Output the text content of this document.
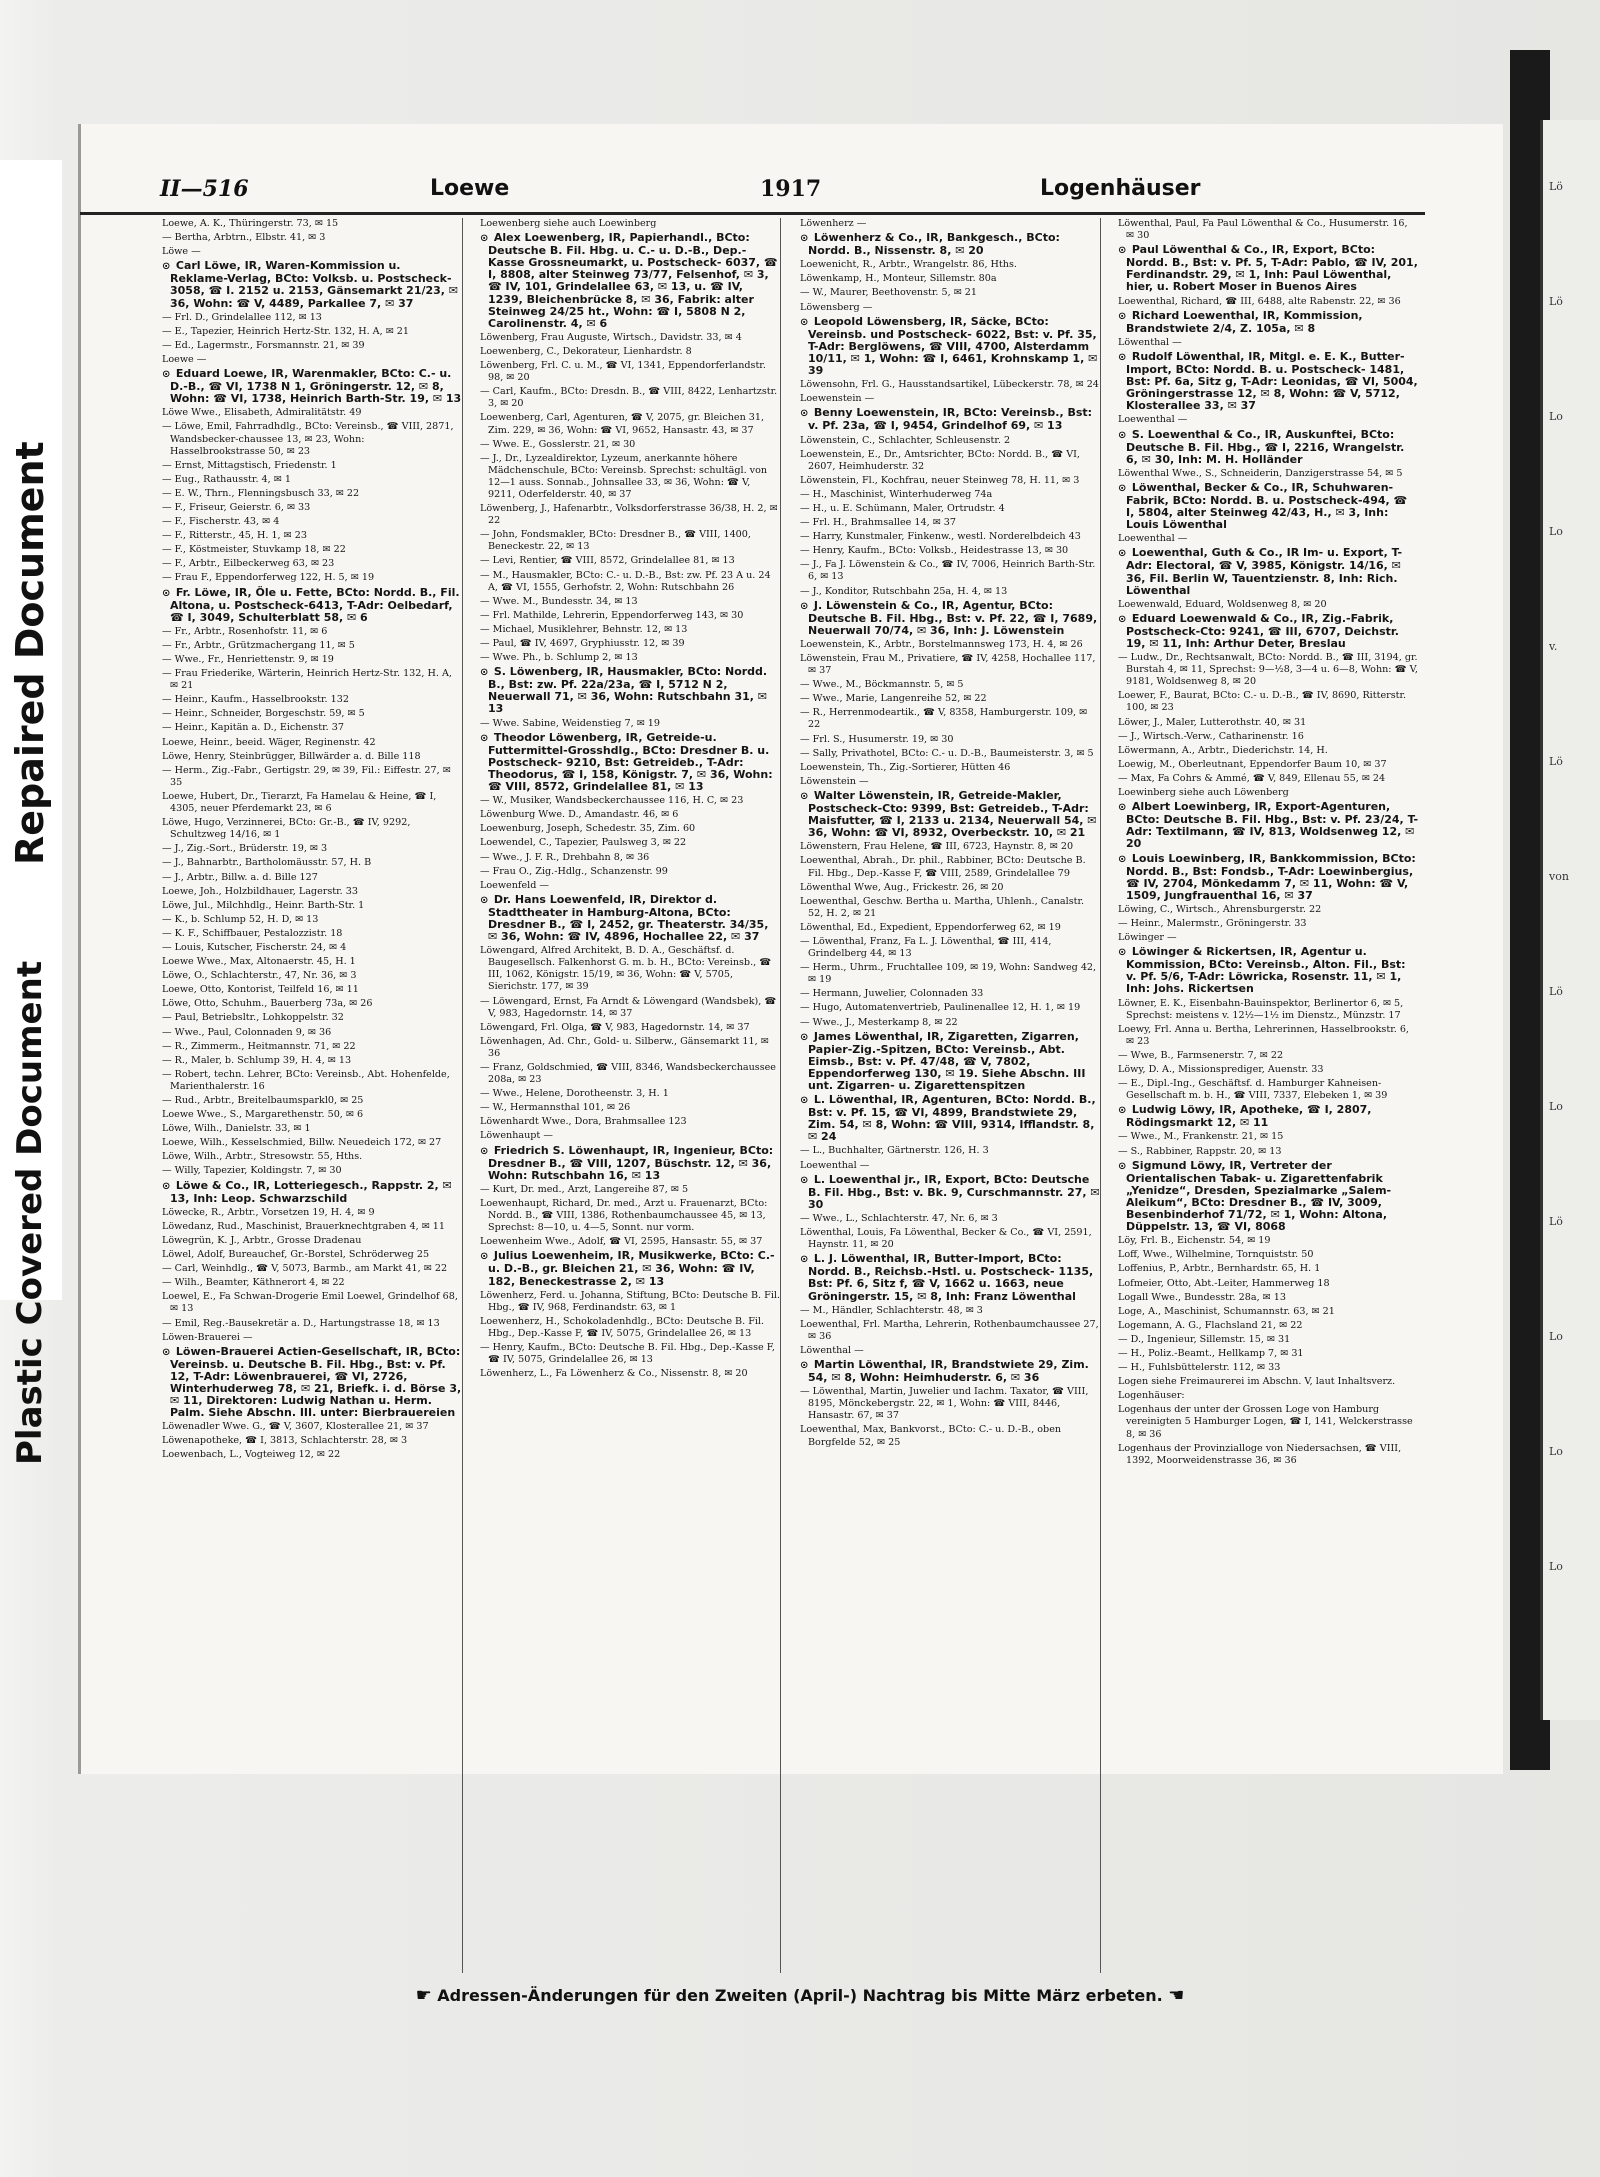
Lö
Lö
Lo
Lo
v.
Lö
von
Lö
Lo
Lö
Lo
Lo
Lo
Repaired Document
Plastic Covered Document
II—516	Loewe	1917	Logenhäuser
Loewe, A. K., Thüringerstr. 73, ✉ 15
— Bertha, Arbtrn., Elbstr. 41, ✉ 3
Löwe —
⊙ Carl Löwe, IR, Waren-Kommission u. Reklame-Verlag, BCto: Volksb. u. Postscheck- 3058, ☎ I. 2152 u. 2153, Gänsemarkt 21/23, ✉ 36, Wohn: ☎ V, 4489, Parkallee 7, ✉ 37
— Frl. D., Grindelallee 112, ✉ 13
— E., Tapezier, Heinrich Hertz-Str. 132, H. A, ✉ 21
— Ed., Lagermstr., Forsmannstr. 21, ✉ 39
Loewe —
⊙ Eduard Loewe, IR, Warenmakler, BCto: C.- u. D.-B., ☎ VI, 1738 N 1, Gröningerstr. 12, ✉ 8, Wohn: ☎ VI, 1738, Heinrich Barth-Str. 19, ✉ 13
Löwe Wwe., Elisabeth, Admiralitätstr. 49
— Löwe, Emil, Fahrradhdlg., BCto: Vereinsb., ☎ VIII, 2871, Wandsbecker-chaussee 13, ✉ 23, Wohn: Hasselbrookstrasse 50, ✉ 23
— Ernst, Mittagstisch, Friedenstr. 1
— Eug., Rathausstr. 4, ✉ 1
— E. W., Thrn., Flenningsbusch 33, ✉ 22
— F., Friseur, Geierstr. 6, ✉ 33
— F., Fischerstr. 43, ✉ 4
— F., Ritterstr., 45, H. 1, ✉ 23
— F., Köstmeister, Stuvkamp 18, ✉ 22
— F., Arbtr., Eilbeckerweg 63, ✉ 23
— Frau F., Eppendorferweg 122, H. 5, ✉ 19
⊙ Fr. Löwe, IR, Öle u. Fette, BCto: Nordd. B., Fil. Altona, u. Postscheck-6413, T-Adr: Oelbedarf, ☎ I, 3049, Schulterblatt 58, ✉ 6
— Fr., Arbtr., Rosenhofstr. 11, ✉ 6
— Fr., Arbtr., Grützmachergang 11, ✉ 5
— Wwe., Fr., Henriettenstr. 9, ✉ 19
— Frau Friederike, Wärterin, Heinrich Hertz-Str. 132, H. A, ✉ 21
— Heinr., Kaufm., Hasselbrookstr. 132
— Heinr., Schneider, Borgeschstr. 59, ✉ 5
— Heinr., Kapitän a. D., Eichenstr. 37
Loewe, Heinr., beeid. Wäger, Reginenstr. 42
Löwe, Henry, Steinbrügger, Billwärder a. d. Bille 118
— Herm., Zig.-Fabr., Gertigstr. 29, ✉ 39, Fil.: Eiffestr. 27, ✉ 35
Loewe, Hubert, Dr., Tierarzt, Fa Hamelau & Heine, ☎ I, 4305, neuer Pferdemarkt 23, ✉ 6
Löwe, Hugo, Verzinnerei, BCto: Gr.-B., ☎ IV, 9292, Schultzweg 14/16, ✉ 1
— J., Zig.-Sort., Brüderstr. 19, ✉ 3
— J., Bahnarbtr., Bartholomäusstr. 57, H. B
— J., Arbtr., Billw. a. d. Bille 127
Loewe, Joh., Holzbildhauer, Lagerstr. 33
Löwe, Jul., Milchhdlg., Heinr. Barth-Str. 1
— K., b. Schlump 52, H. D, ✉ 13
— K. F., Schiffbauer, Pestalozzistr. 18
— Louis, Kutscher, Fischerstr. 24, ✉ 4
Loewe Wwe., Max, Altonaerstr. 45, H. 1
Löwe, O., Schlachterstr., 47, Nr. 36, ✉ 3
Loewe, Otto, Kontorist, Teilfeld 16, ✉ 11
Löwe, Otto, Schuhm., Bauerberg 73a, ✉ 26
— Paul, Betriebsltr., Lohkoppelstr. 32
— Wwe., Paul, Colonnaden 9, ✉ 36
— R., Zimmerm., Heitmannstr. 71, ✉ 22
— R., Maler, b. Schlump 39, H. 4, ✉ 13
— Robert, techn. Lehrer, BCto: Vereinsb., Abt. Hohenfelde, Marienthalerstr. 16
— Rud., Arbtr., Breitelbaumsparkl0, ✉ 25
Loewe Wwe., S., Margarethenstr. 50, ✉ 6
Löwe, Wilh., Danielstr. 33, ✉ 1
Loewe, Wilh., Kesselschmied, Billw. Neuedeich 172, ✉ 27
Löwe, Wilh., Arbtr., Stresowstr. 55, Hths.
— Willy, Tapezier, Koldingstr. 7, ✉ 30
⊙ Löwe & Co., IR, Lotteriegesch., Rappstr. 2, ✉ 13, Inh: Leop. Schwarzschild
Löwecke, R., Arbtr., Vorsetzen 19, H. 4, ✉ 9
Löwedanz, Rud., Maschinist, Brauerknechtgraben 4, ✉ 11
Löwegrün, K. J., Arbtr., Grosse Dradenau
Löwel, Adolf, Bureauchef, Gr.-Borstel, Schröderweg 25
— Carl, Weinhdlg., ☎ V, 5073, Barmb., am Markt 41, ✉ 22
— Wilh., Beamter, Käthnerort 4, ✉ 22
Loewel, E., Fa Schwan-Drogerie Emil Loewel, Grindelhof 68, ✉ 13
— Emil, Reg.-Bausekretär a. D., Hartungstrasse 18, ✉ 13
Löwen-Brauerei —
⊙ Löwen-Brauerei Actien-Gesellschaft, IR, BCto: Vereinsb. u. Deutsche B. Fil. Hbg., Bst: v. Pf. 12, T-Adr: Löwenbrauerei, ☎ VI, 2726, Winterhuderweg 78, ✉ 21, Briefk. i. d. Börse 3, ✉ 11, Direktoren: Ludwig Nathan u. Herm. Palm. Siehe Abschn. III. unter: Bierbrauereien
Löwenadler Wwe. G., ☎ V, 3607, Klosterallee 21, ✉ 37
Löwenapotheke, ☎ I, 3813, Schlachterstr. 28, ✉ 3
Loewenbach, L., Vogteiweg 12, ✉ 22
Loewenberg siehe auch Loewinberg
⊙ Alex Loewenberg, IR, Papierhandl., BCto: Deutsche B. Fil. Hbg. u. C.- u. D.-B., Dep.-Kasse Grossneumarkt, u. Postscheck- 6037, ☎ I, 8808, alter Steinweg 73/77, Felsenhof, ✉ 3, ☎ IV, 101, Grindelallee 63, ✉ 13, u. ☎ IV, 1239, Bleichenbrücke 8, ✉ 36, Fabrik: alter Steinweg 24/25 ht., Wohn: ☎ I, 5808 N 2, Carolinenstr. 4, ✉ 6
Löwenberg, Frau Auguste, Wirtsch., Davidstr. 33, ✉ 4
Loewenberg, C., Dekorateur, Lienhardstr. 8
Löwenberg, Frl. C. u. M., ☎ VI, 1341, Eppendorferlandstr. 98, ✉ 20
— Carl, Kaufm., BCto: Dresdn. B., ☎ VIII, 8422, Lenhartzstr. 3, ✉ 20
Loewenberg, Carl, Agenturen, ☎ V, 2075, gr. Bleichen 31, Zim. 229, ✉ 36, Wohn: ☎ VI, 9652, Hansastr. 43, ✉ 37
— Wwe. E., Gosslerstr. 21, ✉ 30
— J., Dr., Lyzealdirektor, Lyzeum, anerkannte höhere Mädchenschule, BCto: Vereinsb. Sprechst: schultägl. von 12—1 auss. Sonnab., Johnsallee 33, ✉ 36, Wohn: ☎ V, 9211, Oderfelderstr. 40, ✉ 37
Löwenberg, J., Hafenarbtr., Volksdorferstrasse 36/38, H. 2, ✉ 22
— John, Fondsmakler, BCto: Dresdner B., ☎ VIII, 1400, Beneckestr. 22, ✉ 13
— Levi, Rentier, ☎ VIII, 8572, Grindelallee 81, ✉ 13
— M., Hausmakler, BCto: C.- u. D.-B., Bst: zw. Pf. 23 A u. 24 A, ☎ VI, 1555, Gerhofstr. 2, Wohn: Rutschbahn 26
— Wwe. M., Bundesstr. 34, ✉ 13
— Frl. Mathilde, Lehrerin, Eppendorferweg 143, ✉ 30
— Michael, Musiklehrer, Behnstr. 12, ✉ 13
— Paul, ☎ IV, 4697, Gryphiusstr. 12, ✉ 39
— Wwe. Ph., b. Schlump 2, ✉ 13
⊙ S. Löwenberg, IR, Hausmakler, BCto: Nordd. B., Bst: zw. Pf. 22a/23a, ☎ I, 5712 N 2, Neuerwall 71, ✉ 36, Wohn: Rutschbahn 31, ✉ 13
— Wwe. Sabine, Weidenstieg 7, ✉ 19
⊙ Theodor Löwenberg, IR, Getreide-u. Futtermittel-Grosshdlg., BCto: Dresdner B. u. Postscheck- 9210, Bst: Getreideb., T-Adr: Theodorus, ☎ I, 158, Königstr. 7, ✉ 36, Wohn: ☎ VIII, 8572, Grindelallee 81, ✉ 13
— W., Musiker, Wandsbeckerchaussee 116, H. C, ✉ 23
Löwenburg Wwe. D., Amandastr. 46, ✉ 6
Loewenburg, Joseph, Schedestr. 35, Zim. 60
Loewendel, C., Tapezier, Paulsweg 3, ✉ 22
— Wwe., J. F. R., Drehbahn 8, ✉ 36
— Frau O., Zig.-Hdlg., Schanzenstr. 99
Loewenfeld —
⊙ Dr. Hans Loewenfeld, IR, Direktor d. Stadttheater in Hamburg-Altona, BCto: Dresdner B., ☎ I, 2452, gr. Theaterstr. 34/35, ✉ 36, Wohn: ☎ IV, 4896, Hochallee 22, ✉ 37
Löwengard, Alfred Architekt, B. D. A., Geschäftsf. d. Baugesellsch. Falkenhorst G. m. b. H., BCto: Vereinsb., ☎ III, 1062, Königstr. 15/19, ✉ 36, Wohn: ☎ V, 5705, Sierichstr. 177, ✉ 39
— Löwengard, Ernst, Fa Arndt & Löwengard (Wandsbek), ☎ V, 983, Hagedornstr. 14, ✉ 37
Löwengard, Frl. Olga, ☎ V, 983, Hagedornstr. 14, ✉ 37
Löwenhagen, Ad. Chr., Gold- u. Silberw., Gänsemarkt 11, ✉ 36
— Franz, Goldschmied, ☎ VIII, 8346, Wandsbeckerchaussee 208a, ✉ 23
— Wwe., Helene, Dorotheenstr. 3, H. 1
— W., Hermannsthal 101, ✉ 26
Löwenhardt Wwe., Dora, Brahmsallee 123
Löwenhaupt —
⊙ Friedrich S. Löwenhaupt, IR, Ingenieur, BCto: Dresdner B., ☎ VIII, 1207, Büschstr. 12, ✉ 36, Wohn: Rutschbahn 16, ✉ 13
— Kurt, Dr. med., Arzt, Langereihe 87, ✉ 5
Loewenhaupt, Richard, Dr. med., Arzt u. Frauenarzt, BCto: Nordd. B., ☎ VIII, 1386, Rothenbaumchaussee 45, ✉ 13, Sprechst: 8—10, u. 4—5, Sonnt. nur vorm.
Loewenheim Wwe., Adolf, ☎ VI, 2595, Hansastr. 55, ✉ 37
⊙ Julius Loewenheim, IR, Musikwerke, BCto: C.- u. D.-B., gr. Bleichen 21, ✉ 36, Wohn: ☎ IV, 182, Beneckestrasse 2, ✉ 13
Löwenherz, Ferd. u. Johanna, Stiftung, BCto: Deutsche B. Fil. Hbg., ☎ IV, 968, Ferdinandstr. 63, ✉ 1
Loewenherz, H., Schokoladenhdlg., BCto: Deutsche B. Fil. Hbg., Dep.-Kasse F, ☎ IV, 5075, Grindelallee 26, ✉ 13
— Henry, Kaufm., BCto: Deutsche B. Fil. Hbg., Dep.-Kasse F, ☎ IV, 5075, Grindelallee 26, ✉ 13
Löwenherz, L., Fa Löwenherz & Co., Nissenstr. 8, ✉ 20
Löwenherz —
⊙ Löwenherz & Co., IR, Bankgesch., BCto: Nordd. B., Nissenstr. 8, ✉ 20
Loewenicht, R., Arbtr., Wrangelstr. 86, Hths.
Löwenkamp, H., Monteur, Sillemstr. 80a
— W., Maurer, Beethovenstr. 5, ✉ 21
Löwensberg —
⊙ Leopold Löwensberg, IR, Säcke, BCto: Vereinsb. und Postscheck- 6022, Bst: v. Pf. 35, T-Adr: Berglöwens, ☎ VIII, 4700, Alsterdamm 10/11, ✉ 1, Wohn: ☎ I, 6461, Krohnskamp 1, ✉ 39
Löwensohn, Frl. G., Hausstandsartikel, Lübeckerstr. 78, ✉ 24
Loewenstein —
⊙ Benny Loewenstein, IR, BCto: Vereinsb., Bst: v. Pf. 23a, ☎ I, 9454, Grindelhof 69, ✉ 13
Löwenstein, C., Schlachter, Schleusenstr. 2
Loewenstein, E., Dr., Amtsrichter, BCto: Nordd. B., ☎ VI, 2607, Heimhuderstr. 32
Löwenstein, Fl., Kochfrau, neuer Steinweg 78, H. 11, ✉ 3
— H., Maschinist, Winterhuderweg 74a
— H., u. E. Schümann, Maler, Ortrudstr. 4
— Frl. H., Brahmsallee 14, ✉ 37
— Harry, Kunstmaler, Finkenw., westl. Norderelbdeich 43
— Henry, Kaufm., BCto: Volksb., Heidestrasse 13, ✉ 30
— J., Fa J. Löwenstein & Co., ☎ IV, 7006, Heinrich Barth-Str. 6, ✉ 13
— J., Konditor, Rutschbahn 25a, H. 4, ✉ 13
⊙ J. Löwenstein & Co., IR, Agentur, BCto: Deutsche B. Fil. Hbg., Bst: v. Pf. 22, ☎ I, 7689, Neuerwall 70/74, ✉ 36, Inh: J. Löwenstein
Loewenstein, K., Arbtr., Borstelmannsweg 173, H. 4, ✉ 26
Löwenstein, Frau M., Privatiere, ☎ IV, 4258, Hochallee 117, ✉ 37
— Wwe., M., Böckmannstr. 5, ✉ 5
— Wwe., Marie, Langenreihe 52, ✉ 22
— R., Herrenmodeartik., ☎ V, 8358, Hamburgerstr. 109, ✉ 22
— Frl. S., Husumerstr. 19, ✉ 30
— Sally, Privathotel, BCto: C.- u. D.-B., Baumeisterstr. 3, ✉ 5
Loewenstein, Th., Zig.-Sortierer, Hütten 46
Löwenstein —
⊙ Walter Löwenstein, IR, Getreide-Makler, Postscheck-Cto: 9399, Bst: Getreideb., T-Adr: Maisfutter, ☎ I, 2133 u. 2134, Neuerwall 54, ✉ 36, Wohn: ☎ VI, 8932, Overbeckstr. 10, ✉ 21
Löwenstern, Frau Helene, ☎ III, 6723, Haynstr. 8, ✉ 20
Loewenthal, Abrah., Dr. phil., Rabbiner, BCto: Deutsche B. Fil. Hbg., Dep.-Kasse F, ☎ VIII, 2589, Grindelallee 79
Löwenthal Wwe, Aug., Frickestr. 26, ✉ 20
Loewenthal, Geschw. Bertha u. Martha, Uhlenh., Canalstr. 52, H. 2, ✉ 21
Löwenthal, Ed., Expedient, Eppendorferweg 62, ✉ 19
— Löwenthal, Franz, Fa L. J. Löwenthal, ☎ III, 414, Grindelberg 44, ✉ 13
— Herm., Uhrm., Fruchtallee 109, ✉ 19, Wohn: Sandweg 42, ✉ 19
— Hermann, Juwelier, Colonnaden 33
— Hugo, Automatenvertrieb, Paulinenallee 12, H. 1, ✉ 19
— Wwe., J., Mesterkamp 8, ✉ 22
⊙ James Löwenthal, IR, Zigaretten, Zigarren, Papier-Zig.-Spitzen, BCto: Vereinsb., Abt. Eimsb., Bst: v. Pf. 47/48, ☎ V, 7802, Eppendorferweg 130, ✉ 19. Siehe Abschn. III unt. Zigarren- u. Zigarettenspitzen
⊙ L. Löwenthal, IR, Agenturen, BCto: Nordd. B., Bst: v. Pf. 15, ☎ VI, 4899, Brandstwiete 29, Zim. 54, ✉ 8, Wohn: ☎ VIII, 9314, Ifflandstr. 8, ✉ 24
— L., Buchhalter, Gärtnerstr. 126, H. 3
Loewenthal —
⊙ L. Loewenthal jr., IR, Export, BCto: Deutsche B. Fil. Hbg., Bst: v. Bk. 9, Curschmannstr. 27, ✉ 30
— Wwe., L., Schlachterstr. 47, Nr. 6, ✉ 3
Löwenthal, Louis, Fa Löwenthal, Becker & Co., ☎ VI, 2591, Haynstr. 11, ✉ 20
⊙ L. J. Löwenthal, IR, Butter-Import, BCto: Nordd. B., Reichsb.-Hstl. u. Postscheck- 1135, Bst: Pf. 6, Sitz f, ☎ V, 1662 u. 1663, neue Gröningerstr. 15, ✉ 8, Inh: Franz Löwenthal
— M., Händler, Schlachterstr. 48, ✉ 3
Loewenthal, Frl. Martha, Lehrerin, Rothenbaumchaussee 27, ✉ 36
Löwenthal —
⊙ Martin Löwenthal, IR, Brandstwiete 29, Zim. 54, ✉ 8, Wohn: Heimhuderstr. 6, ✉ 36
— Löwenthal, Martin, Juwelier und Iachm. Taxator, ☎ VIII, 8195, Mönckebergstr. 22, ✉ 1, Wohn: ☎ VIII, 8446, Hansastr. 67, ✉ 37
Loewenthal, Max, Bankvorst., BCto: C.- u. D.-B., oben Borgfelde 52, ✉ 25
Löwenthal, Paul, Fa Paul Löwenthal & Co., Husumerstr. 16, ✉ 30
⊙ Paul Löwenthal & Co., IR, Export, BCto: Nordd. B., Bst: v. Pf. 5, T-Adr: Pablo, ☎ IV, 201, Ferdinandstr. 29, ✉ 1, Inh: Paul Löwenthal, hier, u. Robert Moser in Buenos Aires
Loewenthal, Richard, ☎ III, 6488, alte Rabenstr. 22, ✉ 36
⊙ Richard Loewenthal, IR, Kommission, Brandstwiete 2/4, Z. 105a, ✉ 8
Löwenthal —
⊙ Rudolf Löwenthal, IR, Mitgl. e. E. K., Butter-Import, BCto: Nordd. B. u. Postscheck- 1481, Bst: Pf. 6a, Sitz g, T-Adr: Leonidas, ☎ VI, 5004, Gröningerstrasse 12, ✉ 8, Wohn: ☎ V, 5712, Klosterallee 33, ✉ 37
Loewenthal —
⊙ S. Loewenthal & Co., IR, Auskunftei, BCto: Deutsche B. Fil. Hbg., ☎ I, 2216, Wrangelstr. 6, ✉ 30, Inh: M. H. Holländer
Löwenthal Wwe., S., Schneiderin, Danzigerstrasse 54, ✉ 5
⊙ Löwenthal, Becker & Co., IR, Schuhwaren-Fabrik, BCto: Nordd. B. u. Postscheck-494, ☎ I, 5804, alter Steinweg 42/43, H., ✉ 3, Inh: Louis Löwenthal
Loewenthal —
⊙ Loewenthal, Guth & Co., IR Im- u. Export, T-Adr: Electoral, ☎ V, 3985, Königstr. 14/16, ✉ 36, Fil. Berlin W, Tauentzienstr. 8, Inh: Rich. Löwenthal
Loewenwald, Eduard, Woldsenweg 8, ✉ 20
⊙ Eduard Loewenwald & Co., IR, Zig.-Fabrik, Postscheck-Cto: 9241, ☎ III, 6707, Deichstr. 19, ✉ 11, Inh: Arthur Deter, Breslau
— Ludw., Dr., Rechtsanwalt, BCto: Nordd. B., ☎ III, 3194, gr. Burstah 4, ✉ 11, Sprechst: 9—½8, 3—4 u. 6—8, Wohn: ☎ V, 9181, Woldsenweg 8, ✉ 20
Loewer, F., Baurat, BCto: C.- u. D.-B., ☎ IV, 8690, Ritterstr. 100, ✉ 23
Löwer, J., Maler, Lutterothstr. 40, ✉ 31
— J., Wirtsch.-Verw., Catharinenstr. 16
Löwermann, A., Arbtr., Diederichstr. 14, H.
Loewig, M., Oberleutnant, Eppendorfer Baum 10, ✉ 37
— Max, Fa Cohrs & Ammé, ☎ V, 849, Ellenau 55, ✉ 24
Loewinberg siehe auch Löwenberg
⊙ Albert Loewinberg, IR, Export-Agenturen, BCto: Deutsche B. Fil. Hbg., Bst: v. Pf. 23/24, T-Adr: Textilmann, ☎ IV, 813, Woldsenweg 12, ✉ 20
⊙ Louis Loewinberg, IR, Bankkommission, BCto: Nordd. B., Bst: Fondsb., T-Adr: Loewinbergius, ☎ IV, 2704, Mönkedamm 7, ✉ 11, Wohn: ☎ V, 1509, Jungfrauenthal 16, ✉ 37
Löwing, C., Wirtsch., Ahrensburgerstr. 22
— Heinr., Malermstr., Gröningerstr. 33
Löwinger —
⊙ Löwinger & Rickertsen, IR, Agentur u. Kommission, BCto: Vereinsb., Alton. Fil., Bst: v. Pf. 5/6, T-Adr: Löwricka, Rosenstr. 11, ✉ 1, Inh: Johs. Rickertsen
Löwner, E. K., Eisenbahn-Bauinspektor, Berlinertor 6, ✉ 5, Sprechst: meistens v. 12½—1½ im Dienstz., Münzstr. 17
Loewy, Frl. Anna u. Bertha, Lehrerinnen, Hasselbrookstr. 6, ✉ 23
— Wwe, B., Farmsenerstr. 7, ✉ 22
Löwy, D. A., Missionsprediger, Auenstr. 33
— E., Dipl.-Ing., Geschäftsf. d. Hamburger Kahneisen-Gesellschaft m. b. H., ☎ VIII, 7337, Elebeken 1, ✉ 39
⊙ Ludwig Löwy, IR, Apotheke, ☎ I, 2807, Rödingsmarkt 12, ✉ 11
— Wwe., M., Frankenstr. 21, ✉ 15
— S., Rabbiner, Rappstr. 20, ✉ 13
⊙ Sigmund Löwy, IR, Vertreter der Orientalischen Tabak- u. Zigarettenfabrik „Yenidze“, Dresden, Spezialmarke „Salem-Aleikum“, BCto: Dresdner B., ☎ IV, 3009, Besenbinderhof 71/72, ✉ 1, Wohn: Altona, Düppelstr. 13, ☎ VI, 8068
Löy, Frl. B., Eichenstr. 54, ✉ 19
Loff, Wwe., Wilhelmine, Tornquiststr. 50
Loffenius, P., Arbtr., Bernhardstr. 65, H. 1
Lofmeier, Otto, Abt.-Leiter, Hammerweg 18
Logall Wwe., Bundesstr. 28a, ✉ 13
Loge, A., Maschinist, Schumannstr. 63, ✉ 21
Logemann, A. G., Flachsland 21, ✉ 22
— D., Ingenieur, Sillemstr. 15, ✉ 31
— H., Poliz.-Beamt., Hellkamp 7, ✉ 31
— H., Fuhlsbüttelerstr. 112, ✉ 33
Logen siehe Freimaurerei im Abschn. V, laut Inhaltsverz.
Logenhäuser:
Logenhaus der unter der Grossen Loge von Hamburg vereinigten 5 Hamburger Logen, ☎ I, 141, Welckerstrasse 8, ✉ 36
Logenhaus der Provinzialloge von Niedersachsen, ☎ VIII, 1392, Moorweidenstrasse 36, ✉ 36
☛ Adressen-Änderungen für den Zweiten (April-) Nachtrag bis Mitte März erbeten. ☚
